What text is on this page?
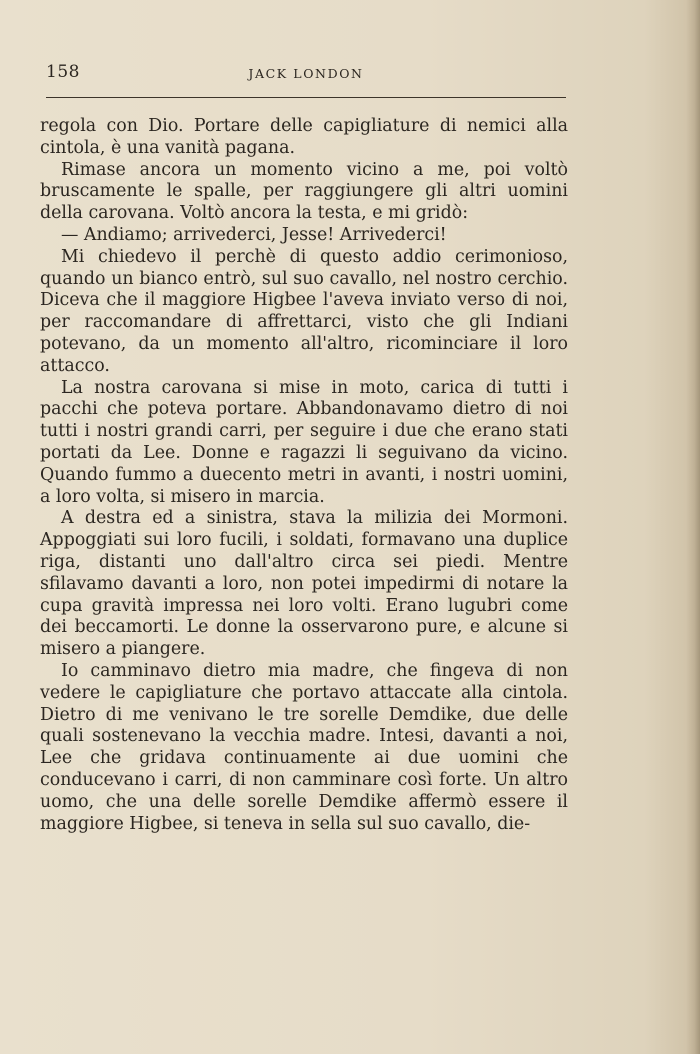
158	JACK LONDON

regola con Dio. Portare delle capigliature di nemici alla cintola, è una vanità pagana.

Rimase ancora un momento vicino a me, poi voltò bruscamente le spalle, per raggiungere gli altri uomini della carovana. Voltò ancora la testa, e mi gridò:

— Andiamo; arrivederci, Jesse! Arrivederci!

Mi chiedevo il perchè di questo addio cerimonioso, quando un bianco entrò, sul suo cavallo, nel nostro cerchio. Diceva che il maggiore Higbee l'aveva inviato verso di noi, per raccomandare di affrettarci, visto che gli Indiani potevano, da un momento all'altro, ricominciare il loro attacco.

La nostra carovana si mise in moto, carica di tutti i pacchi che poteva portare. Abbandonavamo dietro di noi tutti i nostri grandi carri, per seguire i due che erano stati portati da Lee. Donne e ragazzi li seguivano da vicino. Quando fummo a duecento metri in avanti, i nostri uomini, a loro volta, si misero in marcia.

A destra ed a sinistra, stava la milizia dei Mormoni. Appoggiati sui loro fucili, i soldati, formavano una duplice riga, distanti uno dall'altro circa sei piedi. Mentre sfilavamo davanti a loro, non potei impedirmi di notare la cupa gravità impressa nei loro volti. Erano lugubri come dei beccamorti. Le donne la osservarono pure, e alcune si misero a piangere.

Io camminavo dietro mia madre, che fingeva di non vedere le capigliature che portavo attaccate alla cintola. Dietro di me venivano le tre sorelle Demdike, due delle quali sostenevano la vecchia madre. Intesi, davanti a noi, Lee che gridava continuamente ai due uomini che conducevano i carri, di non camminare così forte. Un altro uomo, che una delle sorelle Demdike affermò essere il maggiore Higbee, si teneva in sella sul suo cavallo, die-
